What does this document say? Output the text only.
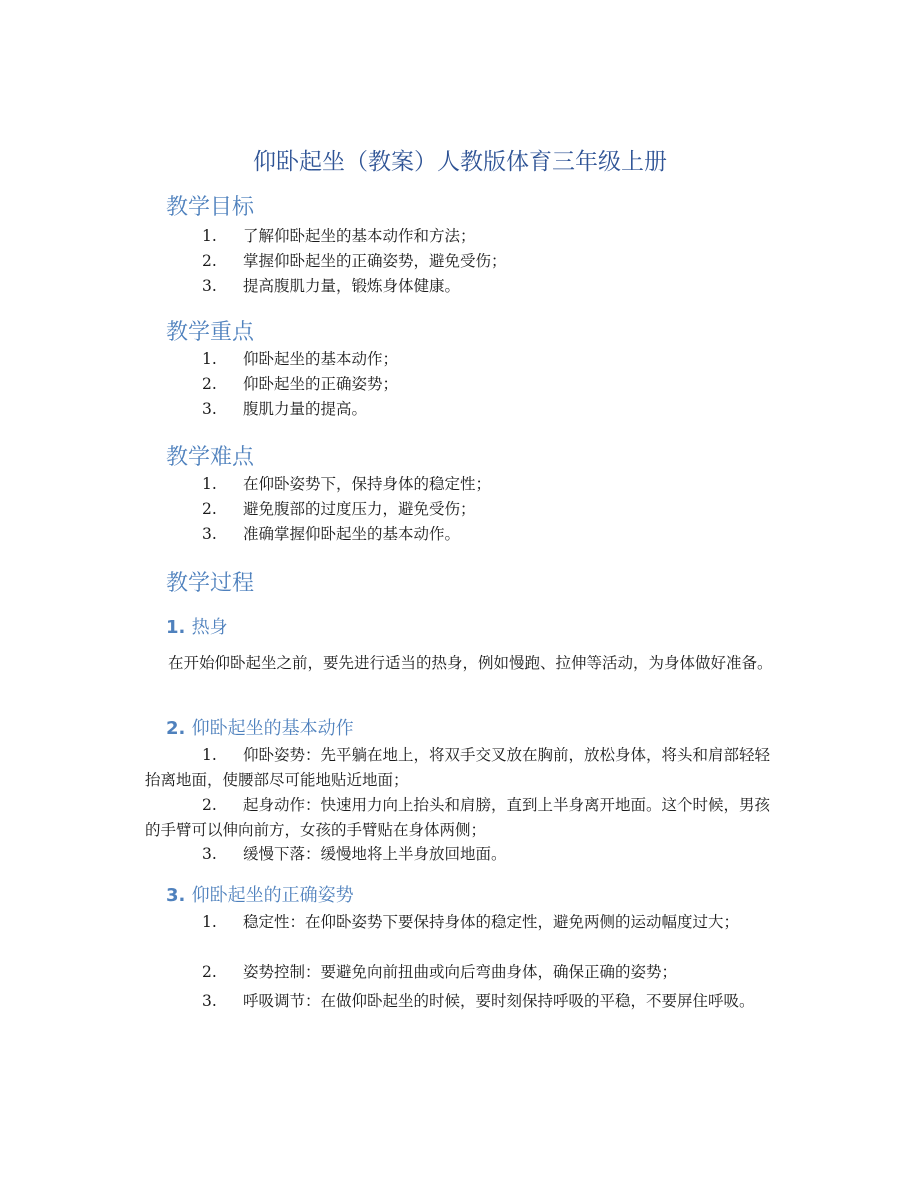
仰卧起坐（教案）人教版体育三年级上册
教学目标
1. 了解仰卧起坐的基本动作和方法；
2. 掌握仰卧起坐的正确姿势，避免受伤；
3. 提高腹肌力量，锻炼身体健康。
教学重点
1. 仰卧起坐的基本动作；
2. 仰卧起坐的正确姿势；
3. 腹肌力量的提高。
教学难点
1. 在仰卧姿势下，保持身体的稳定性；
2. 避免腹部的过度压力，避免受伤；
3. 准确掌握仰卧起坐的基本动作。
教学过程
1. 热身
在开始仰卧起坐之前，要先进行适当的热身，例如慢跑、拉伸等活动，为身体做好准备。
2. 仰卧起坐的基本动作
1. 仰卧姿势：先平躺在地上，将双手交叉放在胸前，放松身体，将头和肩部轻轻抬离地面，使腰部尽可能地贴近地面；
2. 起身动作：快速用力向上抬头和肩膀，直到上半身离开地面。这个时候，男孩的手臂可以伸向前方，女孩的手臂贴在身体两侧；
3. 缓慢下落：缓慢地将上半身放回地面。
3. 仰卧起坐的正确姿势
1. 稳定性：在仰卧姿势下要保持身体的稳定性，避免两侧的运动幅度过大；
2. 姿势控制：要避免向前扭曲或向后弯曲身体，确保正确的姿势；
3. 呼吸调节：在做仰卧起坐的时候，要时刻保持呼吸的平稳，不要屏住呼吸。
